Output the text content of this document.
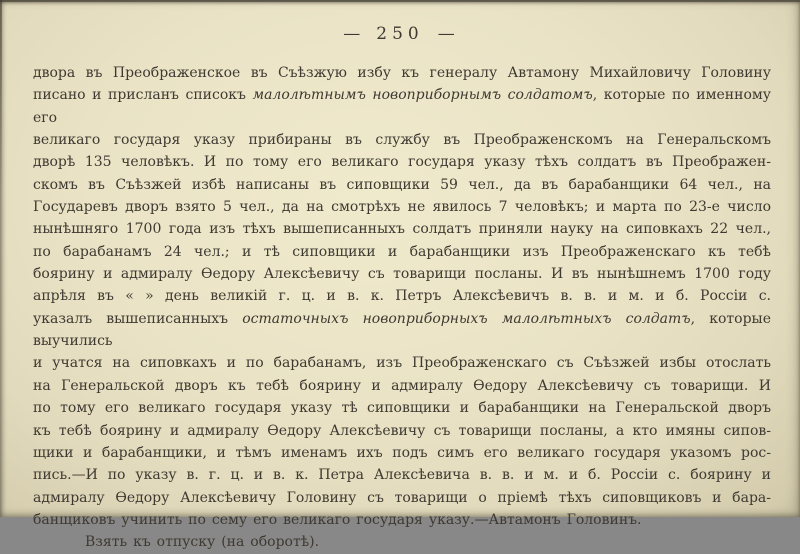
— 250 —
двора въ Преображенское въ Съѣзжую избу къ генералу Автамону Михайловичу Головину
писано и присланъ списокъ малолѣтнымъ новоприборнымъ солдатомъ, которые по именному его
великаго государя указу прибираны въ службу въ Преображенскомъ на Генеральскомъ
дворѣ 135 человѣкъ. И по тому его великаго государя указу тѣхъ солдатъ въ Преображен-
скомъ въ Съѣзжей избѣ написаны въ сиповщики 59 чел., да въ барабанщики 64 чел., на
Государевъ дворъ взято 5 чел., да на смотрѣхъ не явилось 7 человѣкъ; и марта по 23-е число
нынѣшняго 1700 года изъ тѣхъ вышеписанныхъ солдатъ приняли науку на сиповкахъ 22 чел.,
по барабанамъ 24 чел.; и тѣ сиповщики и барабанщики изъ Преображенскаго къ тебѣ
боярину и адмиралу Ѳедору Алексѣевичу съ товарищи посланы. И въ нынѣшнемъ 1700 году
апрѣля въ « » день великій г. ц. и в. к. Петръ Алексѣевичъ в. в. и м. и б. Россіи с.
указалъ вышеписанныхъ остаточныхъ новоприборныхъ малолѣтныхъ солдатъ, которые выучились
и учатся на сиповкахъ и по барабанамъ, изъ Преображенскаго съ Съѣзжей избы отослать
на Генеральской дворъ къ тебѣ боярину и адмиралу Ѳедору Алексѣевичу съ товарищи. И
по тому его великаго государя указу тѣ сиповщики и барабанщики на Генеральской дворъ
къ тебѣ боярину и адмиралу Ѳедору Алексѣевичу съ товарищи посланы, а кто имяны сипов-
щики и барабанщики, и тѣмъ именамъ ихъ подъ симъ его великаго государя указомъ рос-
пись.—И по указу в. г. ц. и в. к. Петра Алексѣевича в. в. и м. и б. Россіи с. боярину и
адмиралу Ѳедору Алексѣевичу Головину съ товарищи о пріемѣ тѣхъ сиповщиковъ и бара-
банщиковъ учинить по сему его великаго государя указу.—Автамонъ Головинъ.
Взять къ отпуску (на оборотѣ).
